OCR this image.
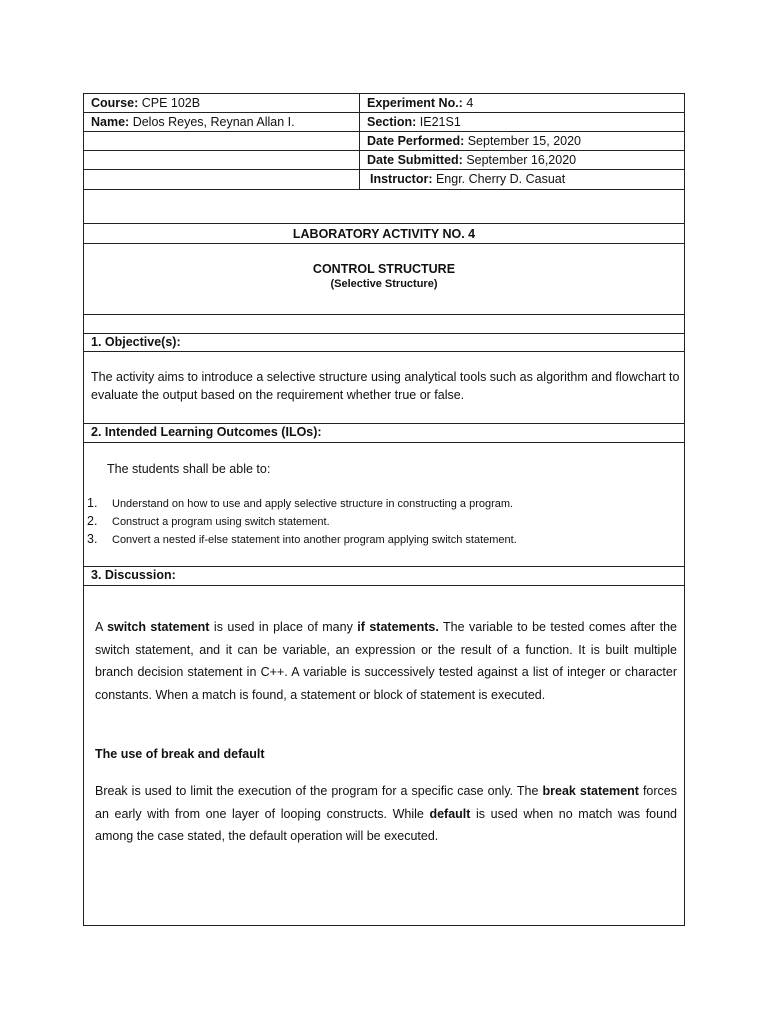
Course: CPE 102B	Experiment No.: 4
Name: Delos Reyes, Reynan Allan I.	Section: IE21S1
Date Performed: September 15, 2020
Date Submitted: September 16,2020
Instructor: Engr. Cherry D. Casuat
LABORATORY ACTIVITY NO. 4
CONTROL STRUCTURE
(Selective Structure)
1. Objective(s):
The activity aims to introduce a selective structure using analytical tools such as algorithm and flowchart to evaluate the output based on the requirement whether true or false.
2. Intended Learning Outcomes (ILOs):
The students shall be able to:
1. Understand on how to use and apply selective structure in constructing a program.
2. Construct a program using switch statement.
3. Convert a nested if-else statement into another program applying switch statement.
3. Discussion:
A switch statement is used in place of many if statements. The variable to be tested comes after the switch statement, and it can be variable, an expression or the result of a function. It is built multiple branch decision statement in C++. A variable is successively tested against a list of integer or character constants. When a match is found, a statement or block of statement is executed.
The use of break and default
Break is used to limit the execution of the program for a specific case only. The break statement forces an early with from one layer of looping constructs. While default is used when no match was found among the case stated, the default operation will be executed.
